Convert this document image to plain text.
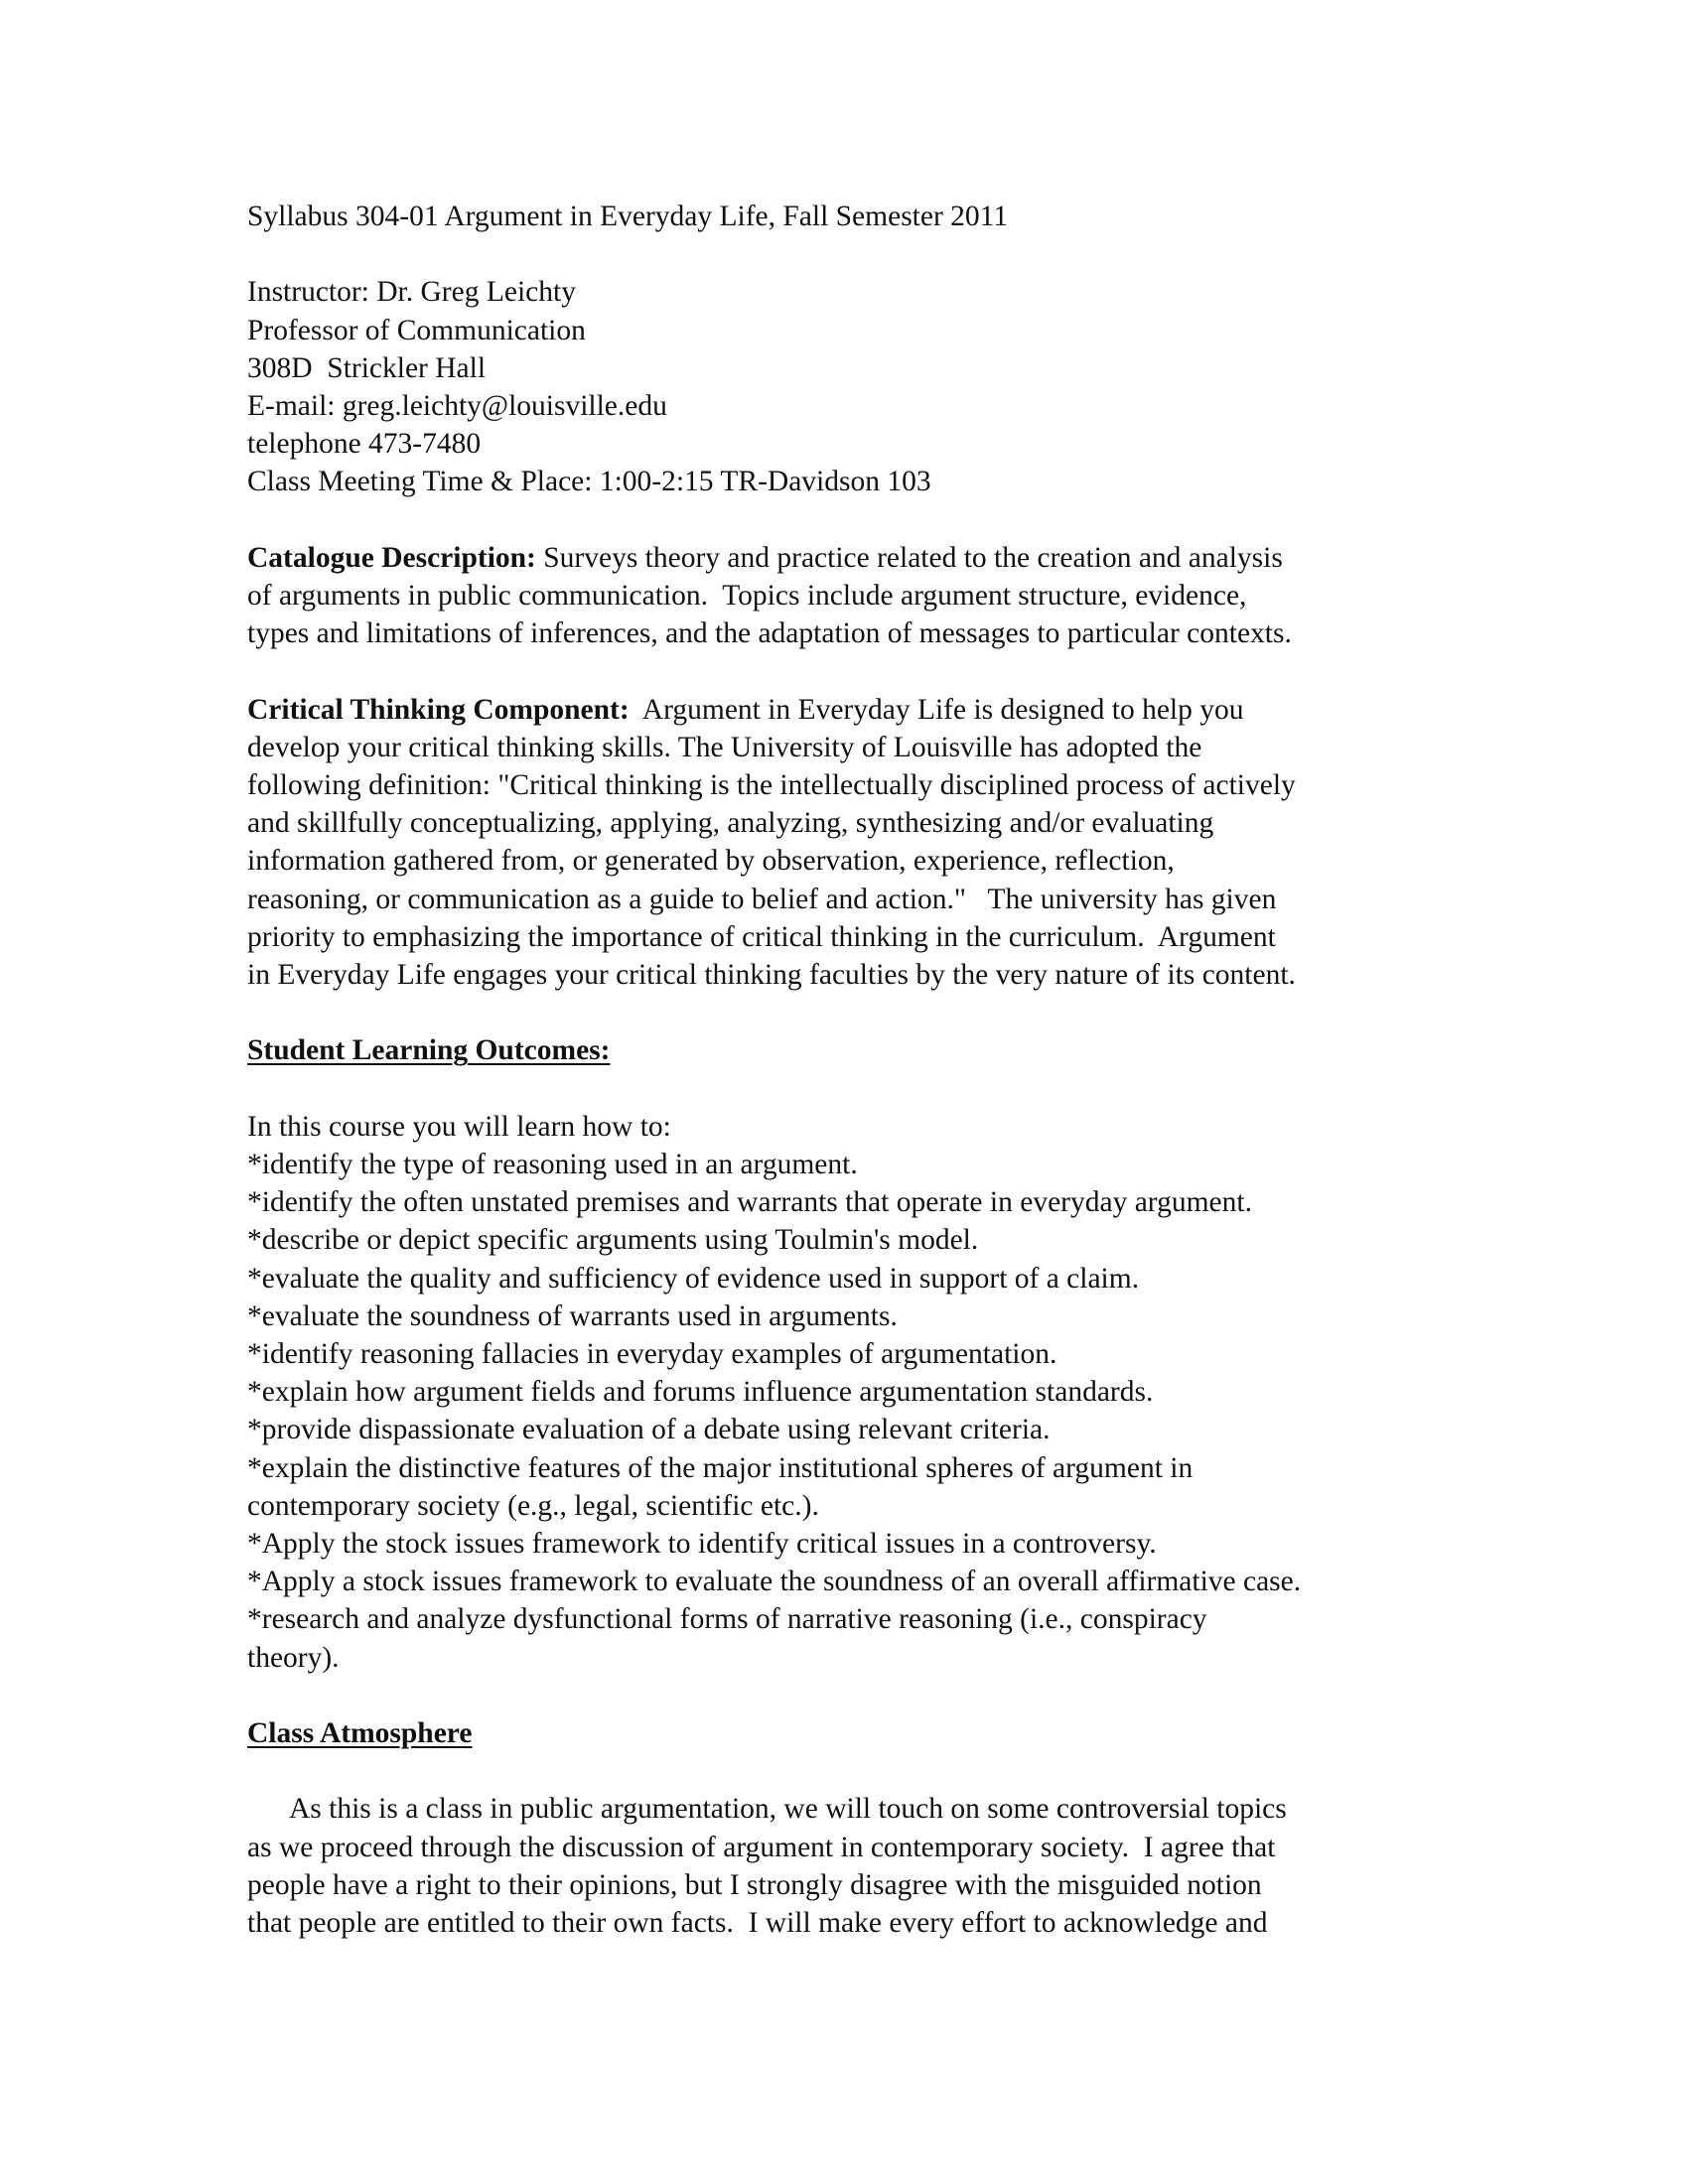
Syllabus 304-01 Argument in Everyday Life, Fall Semester 2011
Instructor: Dr. Greg Leichty
Professor of Communication
308D  Strickler Hall
E-mail: greg.leichty@louisville.edu
telephone 473-7480
Class Meeting Time & Place: 1:00-2:15 TR-Davidson 103
Catalogue Description: Surveys theory and practice related to the creation and analysis
of arguments in public communication.  Topics include argument structure, evidence,
types and limitations of inferences, and the adaptation of messages to particular contexts.
Critical Thinking Component:  Argument in Everyday Life is designed to help you
develop your critical thinking skills. The University of Louisville has adopted the
following definition: "Critical thinking is the intellectually disciplined process of actively
and skillfully conceptualizing, applying, analyzing, synthesizing and/or evaluating
information gathered from, or generated by observation, experience, reflection,
reasoning, or communication as a guide to belief and action."   The university has given
priority to emphasizing the importance of critical thinking in the curriculum.  Argument
in Everyday Life engages your critical thinking faculties by the very nature of its content.
Student Learning Outcomes:
In this course you will learn how to:
*identify the type of reasoning used in an argument.
*identify the often unstated premises and warrants that operate in everyday argument.
*describe or depict specific arguments using Toulmin's model.
*evaluate the quality and sufficiency of evidence used in support of a claim.
*evaluate the soundness of warrants used in arguments.
*identify reasoning fallacies in everyday examples of argumentation.
*explain how argument fields and forums influence argumentation standards.
*provide dispassionate evaluation of a debate using relevant criteria.
*explain the distinctive features of the major institutional spheres of argument in
contemporary society (e.g., legal, scientific etc.).
*Apply the stock issues framework to identify critical issues in a controversy.
*Apply a stock issues framework to evaluate the soundness of an overall affirmative case.
*research and analyze dysfunctional forms of narrative reasoning (i.e., conspiracy
theory).
Class Atmosphere
As this is a class in public argumentation, we will touch on some controversial topics
as we proceed through the discussion of argument in contemporary society.  I agree that
people have a right to their opinions, but I strongly disagree with the misguided notion
that people are entitled to their own facts.  I will make every effort to acknowledge and
